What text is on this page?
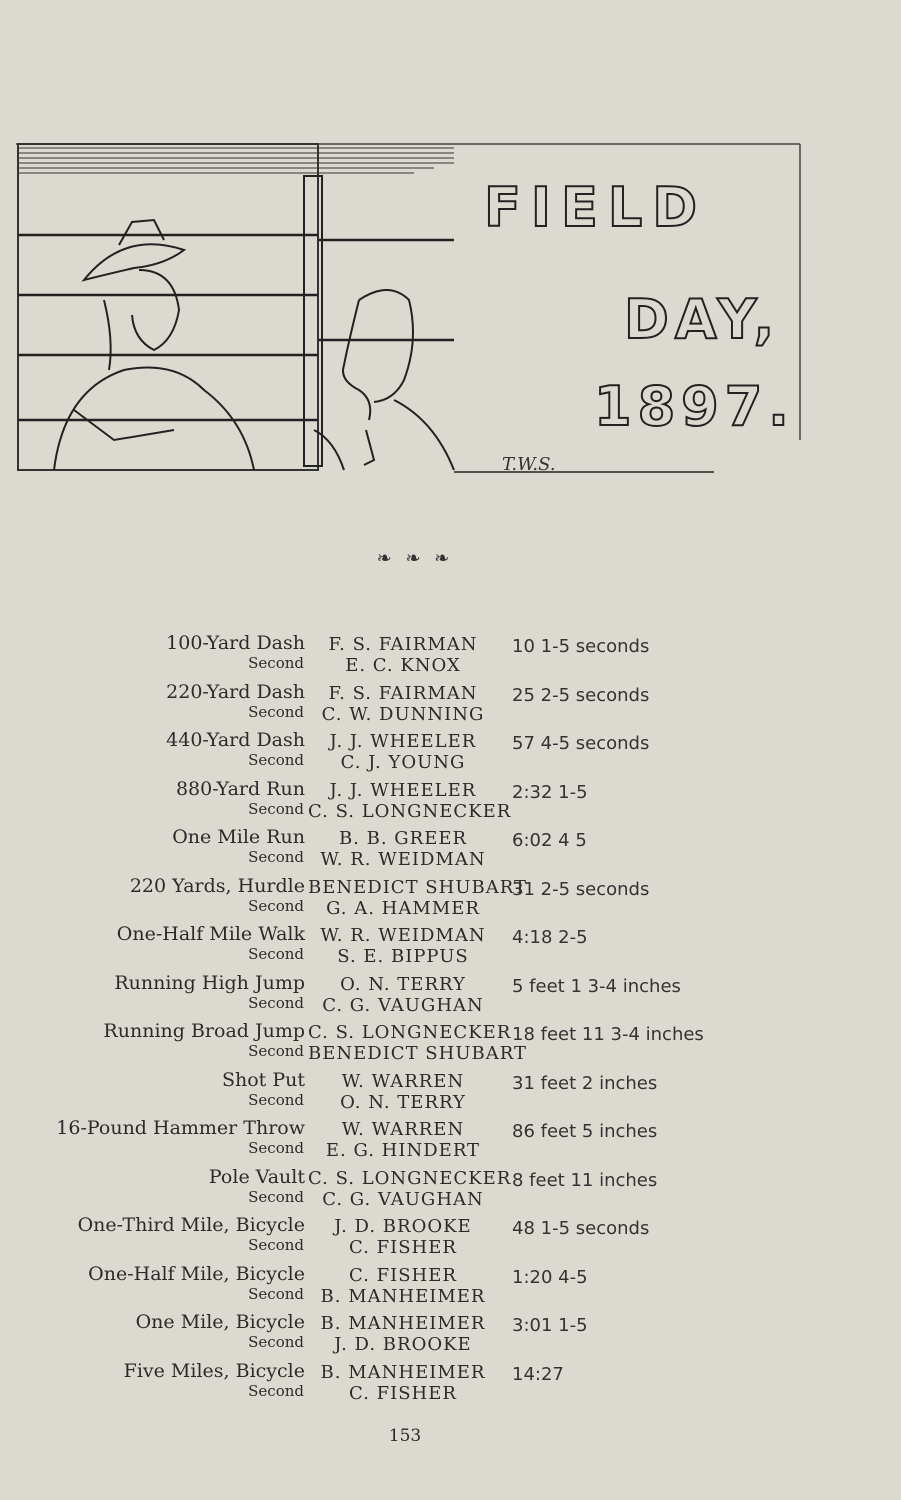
FIELD
DAY,
1897.
T.W.S.
❧ ❧ ❧
100-Yard Dash
Second
F. S. FAIRMAN
E. C. KNOX
10 1-5 seconds
220-Yard Dash
Second
F. S. FAIRMAN
C. W. DUNNING
25 2-5 seconds
440-Yard Dash
Second
J. J. WHEELER
C. J. YOUNG
57 4-5 seconds
880-Yard Run
Second
J. J. WHEELER
C. S. LONGNECKER
2:32 1-5
One Mile Run
Second
B. B. GREER
W. R. WEIDMAN
6:02 4 5
220 Yards, Hurdle
Second
BENEDICT SHUBART
G. A. HAMMER
31 2-5 seconds
One-Half Mile Walk
Second
W. R. WEIDMAN
S. E. BIPPUS
4:18 2-5
Running High Jump
Second
O. N. TERRY
C. G. VAUGHAN
5 feet 1 3-4 inches
Running Broad Jump
Second
C. S. LONGNECKER
BENEDICT SHUBART
18 feet 11 3-4 inches
Shot Put
Second
W. WARREN
O. N. TERRY
31 feet 2 inches
16-Pound Hammer Throw
Second
W. WARREN
E. G. HINDERT
86 feet 5 inches
Pole Vault
Second
C. S. LONGNECKER
C. G. VAUGHAN
8 feet 11 inches
One-Third Mile, Bicycle
Second
J. D. BROOKE
C. FISHER
48 1-5 seconds
One-Half Mile, Bicycle
Second
C. FISHER
B. MANHEIMER
1:20 4-5
One Mile, Bicycle
Second
B. MANHEIMER
J. D. BROOKE
3:01 1-5
Five Miles, Bicycle
Second
B. MANHEIMER
C. FISHER
14:27
153
